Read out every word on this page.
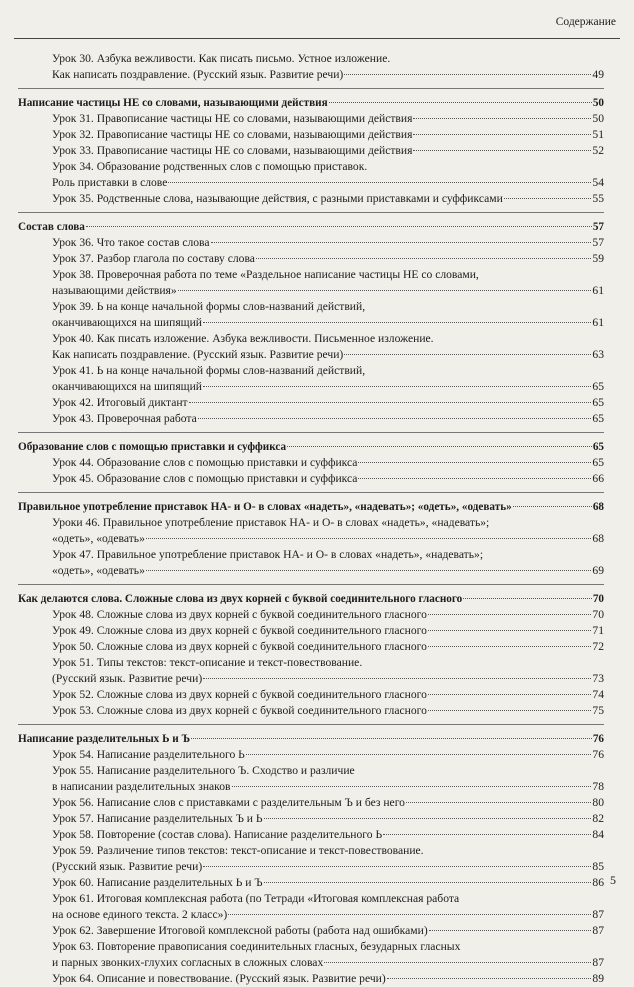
Содержание
Урок 30. Азбука вежливости. Как писать письмо. Устное изложение.
Как написать поздравление. (Русский язык. Развитие речи)	49
Написание частицы НЕ со словами, называющими действия	50
Урок 31. Правописание частицы НЕ со словами, называющими действия	50
Урок 32. Правописание частицы НЕ со словами, называющими действия	51
Урок 33. Правописание частицы НЕ со словами, называющими действия	52
Урок 34. Образование родственных слов с помощью приставок.
Роль приставки в слове	54
Урок 35. Родственные слова, называющие действия, с разными приставками и суффиксами	55
Состав слова	57
Урок 36. Что такое состав слова	57
Урок 37. Разбор глагола по составу слова	59
Урок 38. Проверочная работа по теме «Раздельное написание частицы НЕ со словами,
называющими действия»	61
Урок 39. Ь на конце начальной формы слов-названий действий,
оканчивающихся на шипящий	61
Урок 40. Как писать изложение. Азбука вежливости. Письменное изложение.
Как написать поздравление. (Русский язык. Развитие речи)	63
Урок 41. Ь на конце начальной формы слов-названий действий,
оканчивающихся на шипящий	65
Урок 42. Итоговый диктант	65
Урок 43. Проверочная работа	65
Образование слов с помощью приставки и суффикса	65
Урок 44. Образование слов с помощью приставки и суффикса	65
Урок 45. Образование слов с помощью приставки и суффикса	66
Правильное употребление приставок НА- и О- в словах «надеть», «надевать»; «одеть», «одевать»	68
Уроки 46. Правильное употребление приставок НА- и О- в словах «надеть», «надевать»;
«одеть», «одевать»	68
Урок 47. Правильное употребление приставок НА- и О- в словах «надеть», «надевать»;
«одеть», «одевать»	69
Как делаются слова. Сложные слова из двух корней с буквой соединительного гласного	70
Урок 48. Сложные слова из двух корней с буквой соединительного гласного	70
Урок 49. Сложные слова из двух корней с буквой соединительного гласного	71
Урок 50. Сложные слова из двух корней с буквой соединительного гласного	72
Урок 51. Типы текстов: текст-описание и текст-повествование.
(Русский язык. Развитие речи)	73
Урок 52. Сложные слова из двух корней с буквой соединительного гласного	74
Урок 53. Сложные слова из двух корней с буквой соединительного гласного	75
Написание разделительных Ь и Ъ	76
Урок 54. Написание разделительного Ь	76
Урок 55. Написание разделительного Ъ. Сходство и различие
в написании разделительных знаков	78
Урок 56. Написание слов с приставками с разделительным Ъ и без него	80
Урок 57. Написание разделительных Ъ и Ь	82
Урок 58. Повторение (состав слова). Написание разделительного Ь	84
Урок 59. Различение типов текстов: текст-описание и текст-повествование.
(Русский язык. Развитие речи)	85
Урок 60. Написание разделительных Ь и Ъ	86
Урок 61. Итоговая комплексная работа (по Тетради «Итоговая комплексная работа
на основе единого текста. 2 класс»)	87
Урок 62. Завершение Итоговой комплексной работы (работа над ошибками)	87
Урок 63. Повторение правописания соединительных гласных, безударных гласных
и парных звонких-глухих согласных в сложных словах	87
Урок 64. Описание и повествование. (Русский язык. Развитие речи)	89
5
